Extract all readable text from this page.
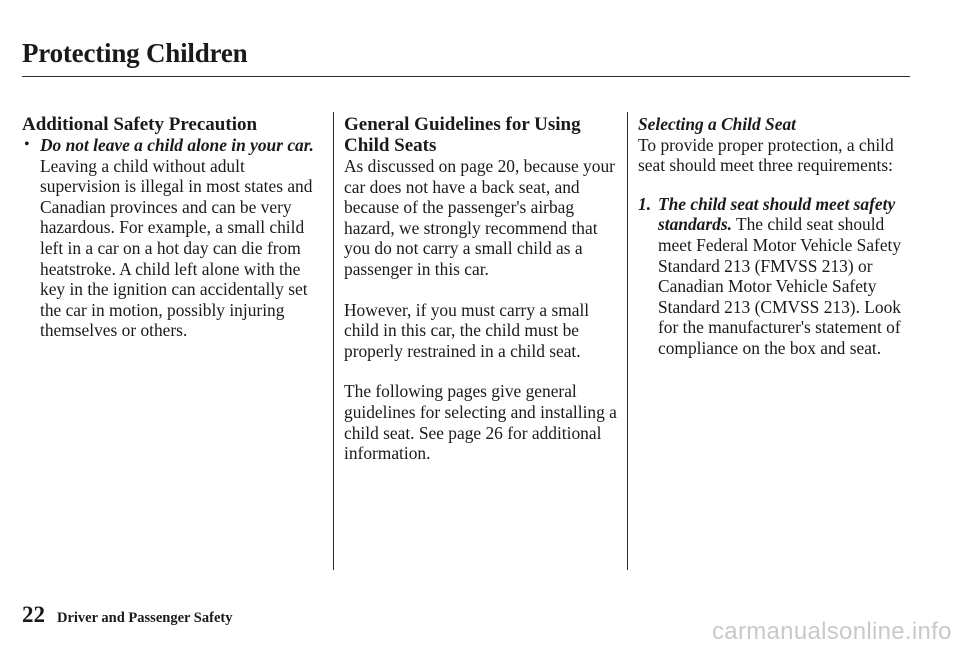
Protecting Children
Additional Safety Precaution
• Do not leave a child alone in your car. Leaving a child without adult supervision is illegal in most states and Canadian provinces and can be very hazardous. For example, a small child left in a car on a hot day can die from heatstroke. A child left alone with the key in the ignition can accidentally set the car in motion, possibly injuring themselves or others.
General Guidelines for Using Child Seats

As discussed on page 20, because your car does not have a back seat, and because of the passenger's airbag hazard, we strongly recommend that you do not carry a small child as a passenger in this car.

However, if you must carry a small child in this car, the child must be properly restrained in a child seat.

The following pages give general guidelines for selecting and installing a child seat. See page 26 for additional information.

Selecting a Child Seat

To provide proper protection, a child seat should meet three requirements:

1. The child seat should meet safety standards. The child seat should meet Federal Motor Vehicle Safety Standard 213 (FMVSS 213) or Canadian Motor Vehicle Safety Standard 213 (CMVSS 213). Look for the manufacturer's statement of compliance on the box and seat.
22 Driver and Passenger Safety	carmanualsonline.info
